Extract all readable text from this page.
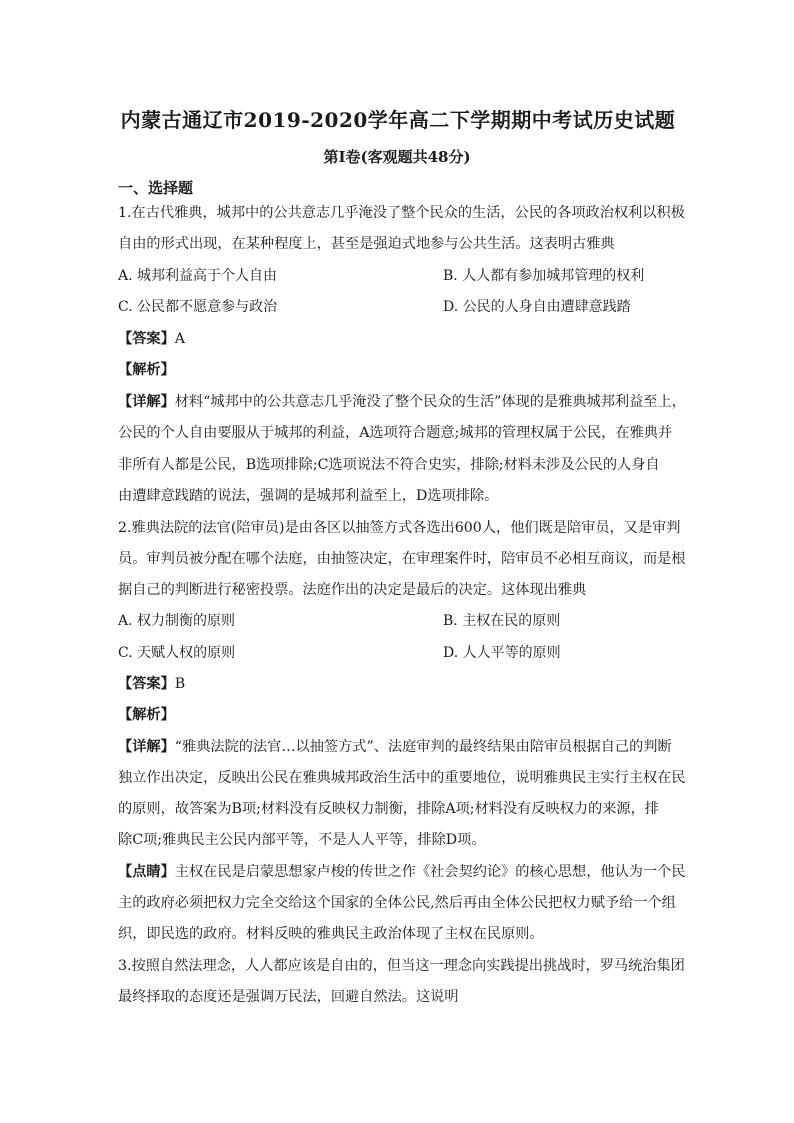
内蒙古通辽市2019-2020学年高二下学期期中考试历史试题
第Ⅰ卷(客观题共48分)
一、选择题
1.在古代雅典，城邦中的公共意志几乎淹没了整个民众的生活，公民的各项政治权利以积极
自由的形式出现，在某种程度上，甚至是强迫式地参与公共生活。这表明古雅典
A. 城邦利益高于个人自由	B. 人人都有参加城邦管理的权利
C. 公民都不愿意参与政治	D. 公民的人身自由遭肆意践踏
【答案】A
【解析】
【详解】材料“城邦中的公共意志几乎淹没了整个民众的生活”体现的是雅典城邦利益至上，
公民的个人自由要服从于城邦的利益，A选项符合题意;城邦的管理权属于公民，在雅典并
非所有人都是公民，B选项排除;C选项说法不符合史实，排除;材料未涉及公民的人身自
由遭肆意践踏的说法，强调的是城邦利益至上，D选项排除。
2.雅典法院的法官(陪审员)是由各区以抽签方式各选出600人，他们既是陪审员，又是审判
员。审判员被分配在哪个法庭，由抽签决定，在审理案件时，陪审员不必相互商议，而是根
据自己的判断进行秘密投票。法庭作出的决定是最后的决定。这体现出雅典
A. 权力制衡的原则	B. 主权在民的原则
C. 天赋人权的原则	D. 人人平等的原则
【答案】B
【解析】
【详解】“雅典法院的法官…以抽签方式”、法庭审判的最终结果由陪审员根据自己的判断
独立作出决定，反映出公民在雅典城邦政治生活中的重要地位，说明雅典民主实行主权在民
的原则，故答案为B项;材料没有反映权力制衡，排除A项;材料没有反映权力的来源，排
除C项;雅典民主公民内部平等，不是人人平等，排除D项。
【点睛】主权在民是启蒙思想家卢梭的传世之作《社会契约论》的核心思想，他认为一个民
主的政府必须把权力完全交给这个国家的全体公民,然后再由全体公民把权力赋予给一个组
织，即民选的政府。材料反映的雅典民主政治体现了主权在民原则。
3.按照自然法理念，人人都应该是自由的，但当这一理念向实践提出挑战时，罗马统治集团
最终择取的态度还是强调万民法，回避自然法。这说明
